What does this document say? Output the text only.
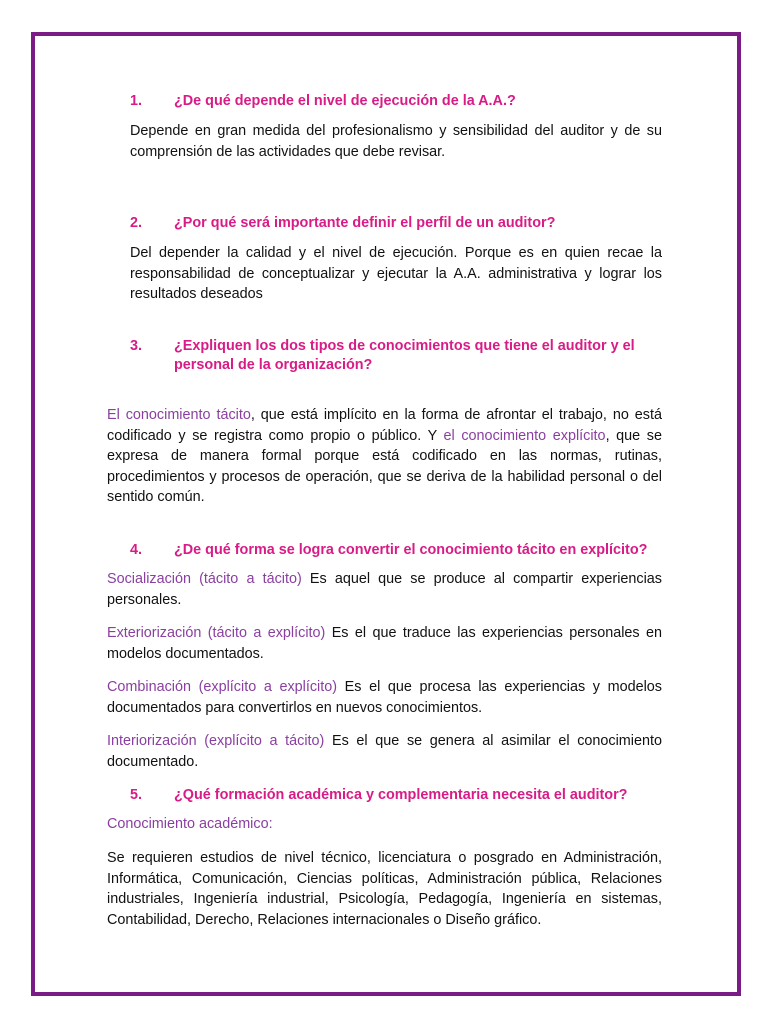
1. ¿De qué depende el nivel de ejecución de la A.A.?
Depende en gran medida del profesionalismo y sensibilidad del auditor y de su comprensión de las actividades que debe revisar.
2. ¿Por qué será importante definir el perfil de un auditor?
Del depender la calidad y el nivel de ejecución. Porque es en quien recae la responsabilidad de conceptualizar y ejecutar la A.A. administrativa y lograr los resultados deseados
3. ¿Expliquen los dos tipos de conocimientos que tiene el auditor y el personal de la organización?
El conocimiento tácito, que está implícito en la forma de afrontar el trabajo, no está codificado y se registra como propio o público. Y el conocimiento explícito, que se expresa de manera formal porque está codificado en las normas, rutinas, procedimientos y procesos de operación, que se deriva de la habilidad personal o del sentido común.
4. ¿De qué forma se logra convertir el conocimiento tácito en explícito?
Socialización (tácito a tácito) Es aquel que se produce al compartir experiencias personales.
Exteriorización (tácito a explícito) Es el que traduce las experiencias personales en modelos documentados.
Combinación (explícito a explícito) Es el que procesa las experiencias y modelos documentados para convertirlos en nuevos conocimientos.
Interiorización (explícito a tácito) Es el que se genera al asimilar el conocimiento documentado.
5. ¿Qué formación académica y complementaria necesita el auditor?
Conocimiento académico:
Se requieren estudios de nivel técnico, licenciatura o posgrado en Administración, Informática, Comunicación, Ciencias políticas, Administración pública, Relaciones industriales, Ingeniería industrial, Psicología, Pedagogía, Ingeniería en sistemas, Contabilidad, Derecho, Relaciones internacionales o Diseño gráfico.
